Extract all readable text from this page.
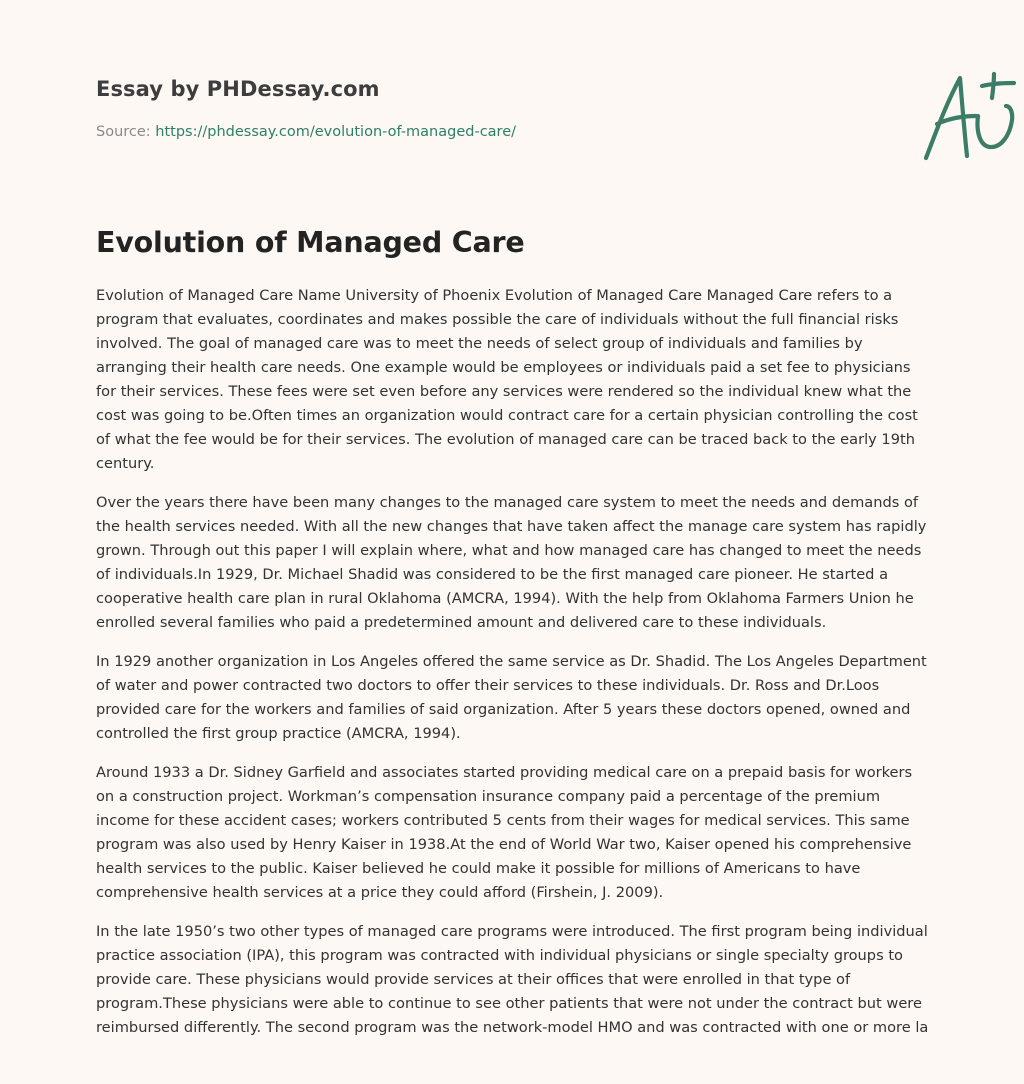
Essay by PHDessay.com
Source: https://phdessay.com/evolution-of-managed-care/
Evolution of Managed Care

Evolution of Managed Care Name University of Phoenix Evolution of Managed Care Managed Care refers to a program that evaluates, coordinates and makes possible the care of individuals without the full financial risks involved. The goal of managed care was to meet the needs of select group of individuals and families by arranging their health care needs. One example would be employees or individuals paid a set fee to physicians for their services. These fees were set even before any services were rendered so the individual knew what the cost was going to be.Often times an organization would contract care for a certain physician controlling the cost of what the fee would be for their services. The evolution of managed care can be traced back to the early 19th century.

Over the years there have been many changes to the managed care system to meet the needs and demands of the health services needed. With all the new changes that have taken affect the manage care system has rapidly grown. Through out this paper I will explain where, what and how managed care has changed to meet the needs of individuals.In 1929, Dr. Michael Shadid was considered to be the first managed care pioneer. He started a cooperative health care plan in rural Oklahoma (AMCRA, 1994). With the help from Oklahoma Farmers Union he enrolled several families who paid a predetermined amount and delivered care to these individuals.

In 1929 another organization in Los Angeles offered the same service as Dr. Shadid. The Los Angeles Department of water and power contracted two doctors to offer their services to these individuals. Dr. Ross and Dr.Loos provided care for the workers and families of said organization. After 5 years these doctors opened, owned and controlled the first group practice (AMCRA, 1994).

Around 1933 a Dr. Sidney Garfield and associates started providing medical care on a prepaid basis for workers on a construction project. Workman’s compensation insurance company paid a percentage of the premium income for these accident cases; workers contributed 5 cents from their wages for medical services. This same program was also used by Henry Kaiser in 1938.At the end of World War two, Kaiser opened his comprehensive health services to the public. Kaiser believed he could make it possible for millions of Americans to have comprehensive health services at a price they could afford (Firshein, J. 2009).

In the late 1950’s two other types of managed care programs were introduced. The first program being individual practice association (IPA), this program was contracted with individual physicians or single specialty groups to provide care. These physicians would provide services at their offices that were enrolled in that type of program.These physicians were able to continue to see other patients that were not under the contract but were reimbursed differently. The second program was the network-model HMO and was contracted with one or more la
